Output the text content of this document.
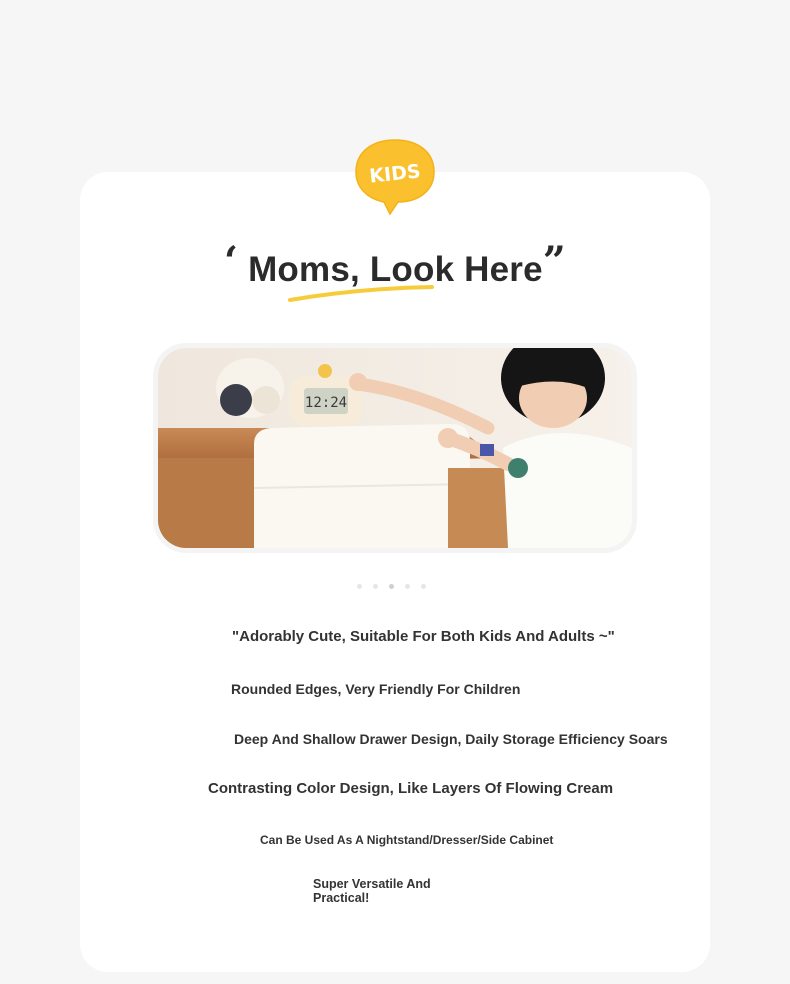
KIDS
‘ Moms, Look Here”
12:24
"Adorably Cute, Suitable For Both Kids And Adults ~"
Rounded Edges, Very Friendly For Children
Deep And Shallow Drawer Design, Daily Storage Efficiency Soars
Contrasting Color Design, Like Layers Of Flowing Cream
Can Be Used As A Nightstand/Dresser/Side Cabinet
Super Versatile And Practical!
